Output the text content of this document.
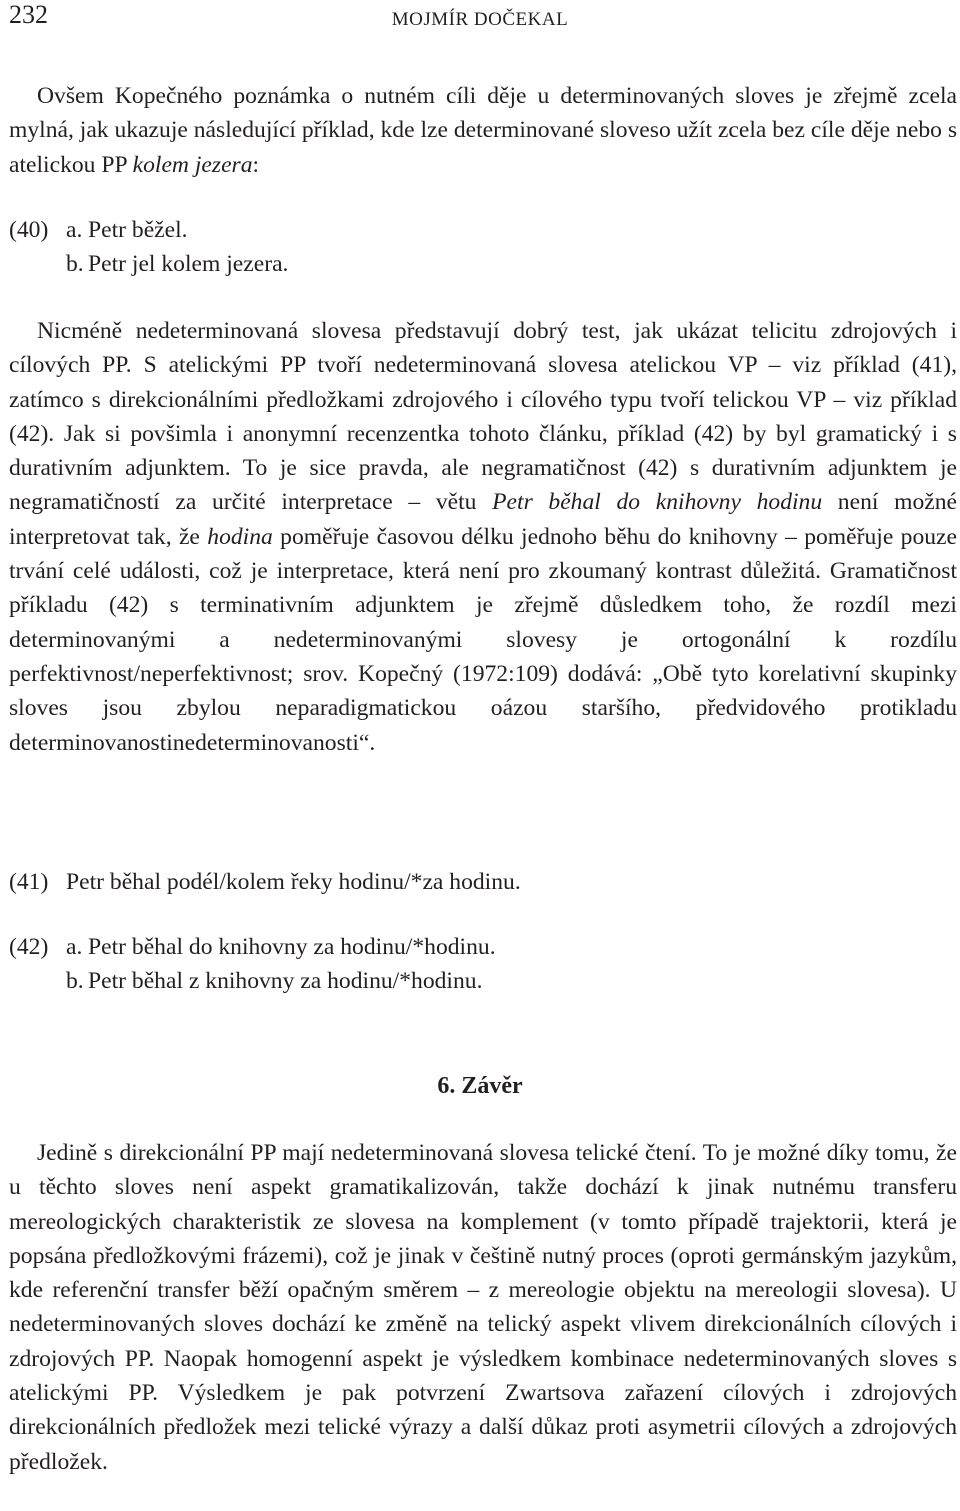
232	MOJMÍR DOČEKAL

Ovšem Kopečného poznámka o nutném cíli děje u determinovaných sloves je zřejmě zcela mylná, jak ukazuje následující příklad, kde lze determinované sloveso užít zcela bez cíle děje nebo s atelickou PP kolem jezera:

(40) a. Petr běžel.
b. Petr jel kolem jezera.

Nicméně nedeterminovaná slovesa představují dobrý test, jak ukázat telicitu zdrojových i cílových PP. S atelickými PP tvoří nedeterminovaná slovesa atelickou VP – viz příklad (41), zatímco s direkcionálními předložkami zdrojového i cílového typu tvoří telickou VP – viz příklad (42). Jak si povšimla i anonymní recenzentka tohoto článku, příklad (42) by byl gramatický i s durativním adjunktem. To je sice pravda, ale negramatičnost (42) s durativním adjunktem je negramatičností za určité interpretace – větu Petr běhal do knihovny hodinu není možné interpretovat tak, že hodina poměřuje časovou délku jednoho běhu do knihovny – poměřuje pouze trvání celé události, což je interpretace, která není pro zkoumaný kontrast důležitá. Gramatičnost příkladu (42) s terminativním adjunktem je zřejmě důsledkem toho, že rozdíl mezi determinovanými a nedeterminovanými slovesy je ortogonální k rozdílu perfektivnost/neperfektivnost; srov. Kopečný (1972:109) dodává: „Obě tyto korelativní skupinky sloves jsou zbylou neparadigmatickou oázou staršího, předvidového protikladu determinovanostinedeterminovanosti“.

(41) Petr běhal podél/kolem řeky hodinu/*za hodinu.
(42) a. Petr běhal do knihovny za hodinu/*hodinu.
b. Petr běhal z knihovny za hodinu/*hodinu.
6. Závěr

Jedině s direkcionální PP mají nedeterminovaná slovesa telické čtení. To je možné díky tomu, že u těchto sloves není aspekt gramatikalizován, takže dochází k jinak nutnému transferu mereologických charakteristik ze slovesa na komplement (v tomto případě trajektorii, která je popsána předložkovými frázemi), což je jinak v češtině nutný proces (oproti germánským jazykům, kde referenční transfer běží opačným směrem – z mereologie objektu na mereologii slovesa). U nedeterminovaných sloves dochází ke změně na telický aspekt vlivem direkcionálních cílových i zdrojových PP. Naopak homogenní aspekt je výsledkem kombinace nedeterminovaných sloves s atelickými PP. Výsledkem je pak potvrzení Zwartsova zařazení cílových i zdrojových direkcionálních předložek mezi telické výrazy a další důkaz proti asymetrii cílových a zdrojových předložek.
